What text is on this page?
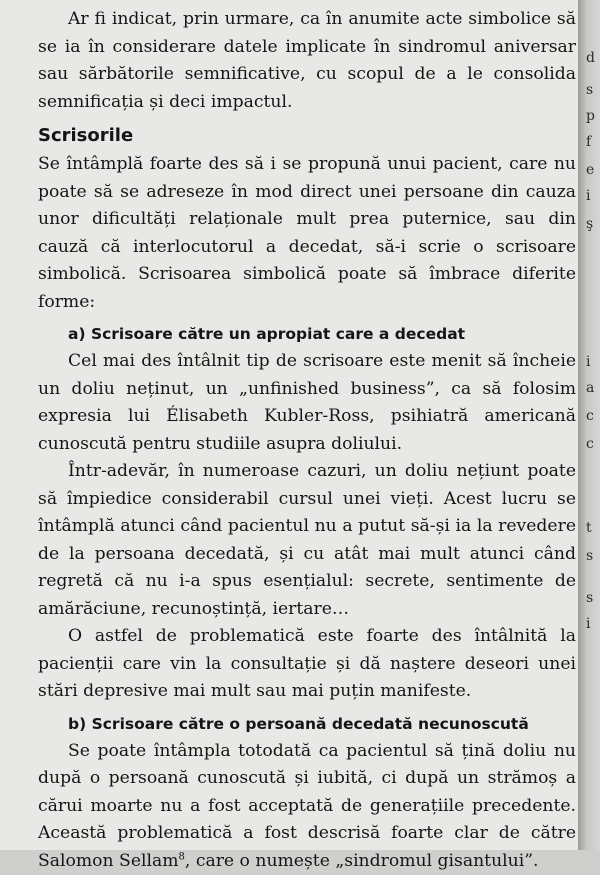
Ar fi indicat, prin urmare, ca în anumite acte simbolice să se ia în considerare datele implicate în sindromul aniversar sau sărbătorile semnificative, cu scopul de a le consolida semnificația și deci impactul.

Scrisorile

Se întâmplă foarte des să i se propună unui pacient, care nu poate să se adreseze în mod direct unei persoane din cauza unor dificultăți relaționale mult prea puternice, sau din cauză că interlocutorul a decedat, să-i scrie o scrisoare simbolică. Scrisoarea simbolică poate să îmbrace diferite forme:

a) Scrisoare către un apropiat care a decedat

Cel mai des întâlnit tip de scrisoare este menit să încheie un doliu neținut, un „unfinished business”, ca să folosim expresia lui Élisabeth Kubler-Ross, psihiatră americană cunoscută pentru studiile asupra doliului.

Într-adevăr, în numeroase cazuri, un doliu nețiunt poate să împiedice considerabil cursul unei vieți. Acest lucru se întâmplă atunci când pacientul nu a putut să-și ia la revedere de la persoana decedată, și cu atât mai mult atunci când regretă că nu i-a spus esențialul: secrete, sentimente de amărăciune, recunoștință, iertare…

O astfel de problematică este foarte des întâlnită la pacienții care vin la consultație și dă naștere deseori unei stări depresive mai mult sau mai puțin manifeste.

b) Scrisoare către o persoană decedată necunoscută

Se poate întâmpla totodată ca pacientul să țină doliu nu după o persoană cunoscută și iubită, ci după un strămoș a cărui moarte nu a fost acceptată de generațiile precedente. Această problematică a fost descrisă foarte clar de către Salomon Sellam$^8$, care o numește „sindromul gisantului”.

d
s
p
f
e
i
ş
i
a
c
c
t
s
s
i
